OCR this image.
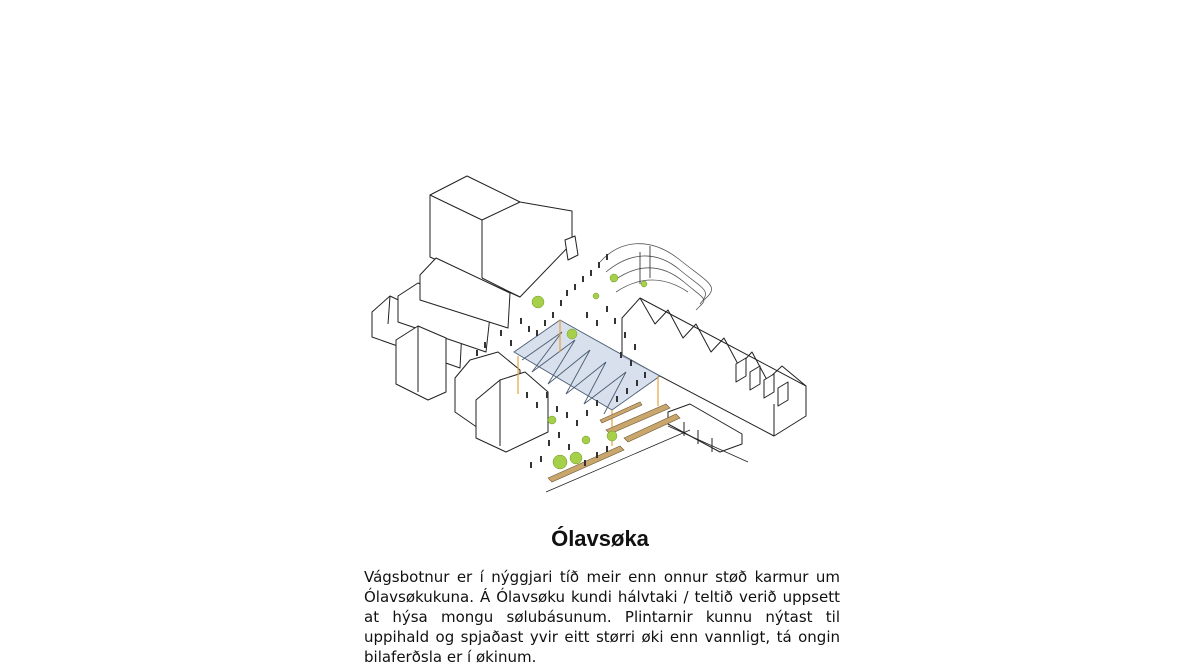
Ólavsøka

Vágsbotnur er í nýggjari tíð meir enn onnur støð karmur um Ólavsøkukuna. Á Ólavsøku kundi hálvtaki / teltið verið uppsett at hýsa mongu sølubásunum. Plintarnir kunnu nýtast til uppihald og spjaðast yvir eitt størri øki enn vannligt, tá ongin bilaferðsla er í økinum.
